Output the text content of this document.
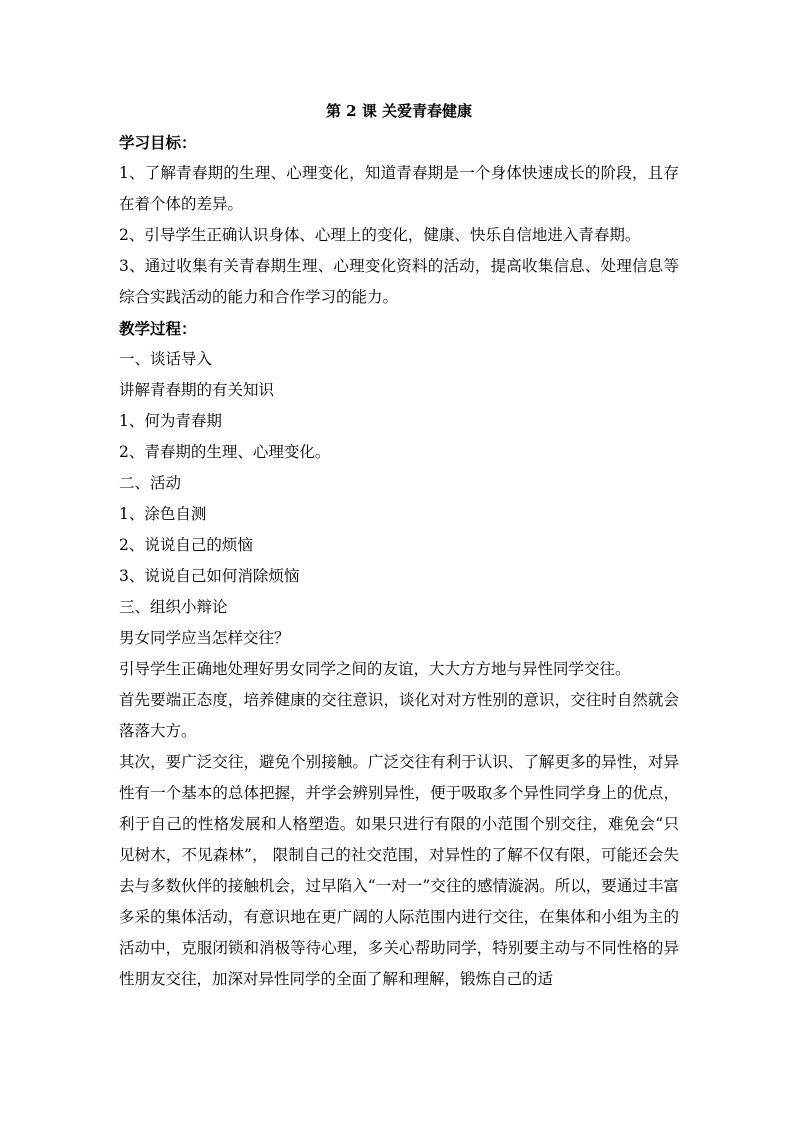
第 2 课 关爱青春健康
学习目标：
1、了解青春期的生理、心理变化，知道青春期是一个身体快速成长的阶段，且存在着个体的差异。
2、引导学生正确认识身体、心理上的变化，健康、快乐自信地进入青春期。
3、通过收集有关青春期生理、心理变化资料的活动，提高收集信息、处理信息等综合实践活动的能力和合作学习的能力。
教学过程：
一、谈话导入
讲解青春期的有关知识
1、何为青春期
2、青春期的生理、心理变化。
二、活动
1、涂色自测
2、说说自己的烦恼
3、说说自己如何消除烦恼
三、组织小辩论
男女同学应当怎样交往？
引导学生正确地处理好男女同学之间的友谊，大大方方地与异性同学交往。
首先要端正态度，培养健康的交往意识，谈化对对方性别的意识，交往时自然就会落落大方。
其次，要广泛交往，避免个别接触。广泛交往有利于认识、了解更多的异性，对异性有一个基本的总体把握，并学会辨别异性，便于吸取多个异性同学身上的优点，利于自己的性格发展和人格塑造。如果只进行有限的小范围个别交往，难免会“只见树木，不见森林”， 限制自己的社交范围，对异性的了解不仅有限，可能还会失去与多数伙伴的接触机会，过早陷入“一对一”交往的感情漩涡。所以，要通过丰富多采的集体活动，有意识地在更广阔的人际范围内进行交往，在集体和小组为主的活动中，克服闭锁和消极等待心理，多关心帮助同学，特别要主动与不同性格的异性朋友交往，加深对异性同学的全面了解和理解，锻炼自己的适
